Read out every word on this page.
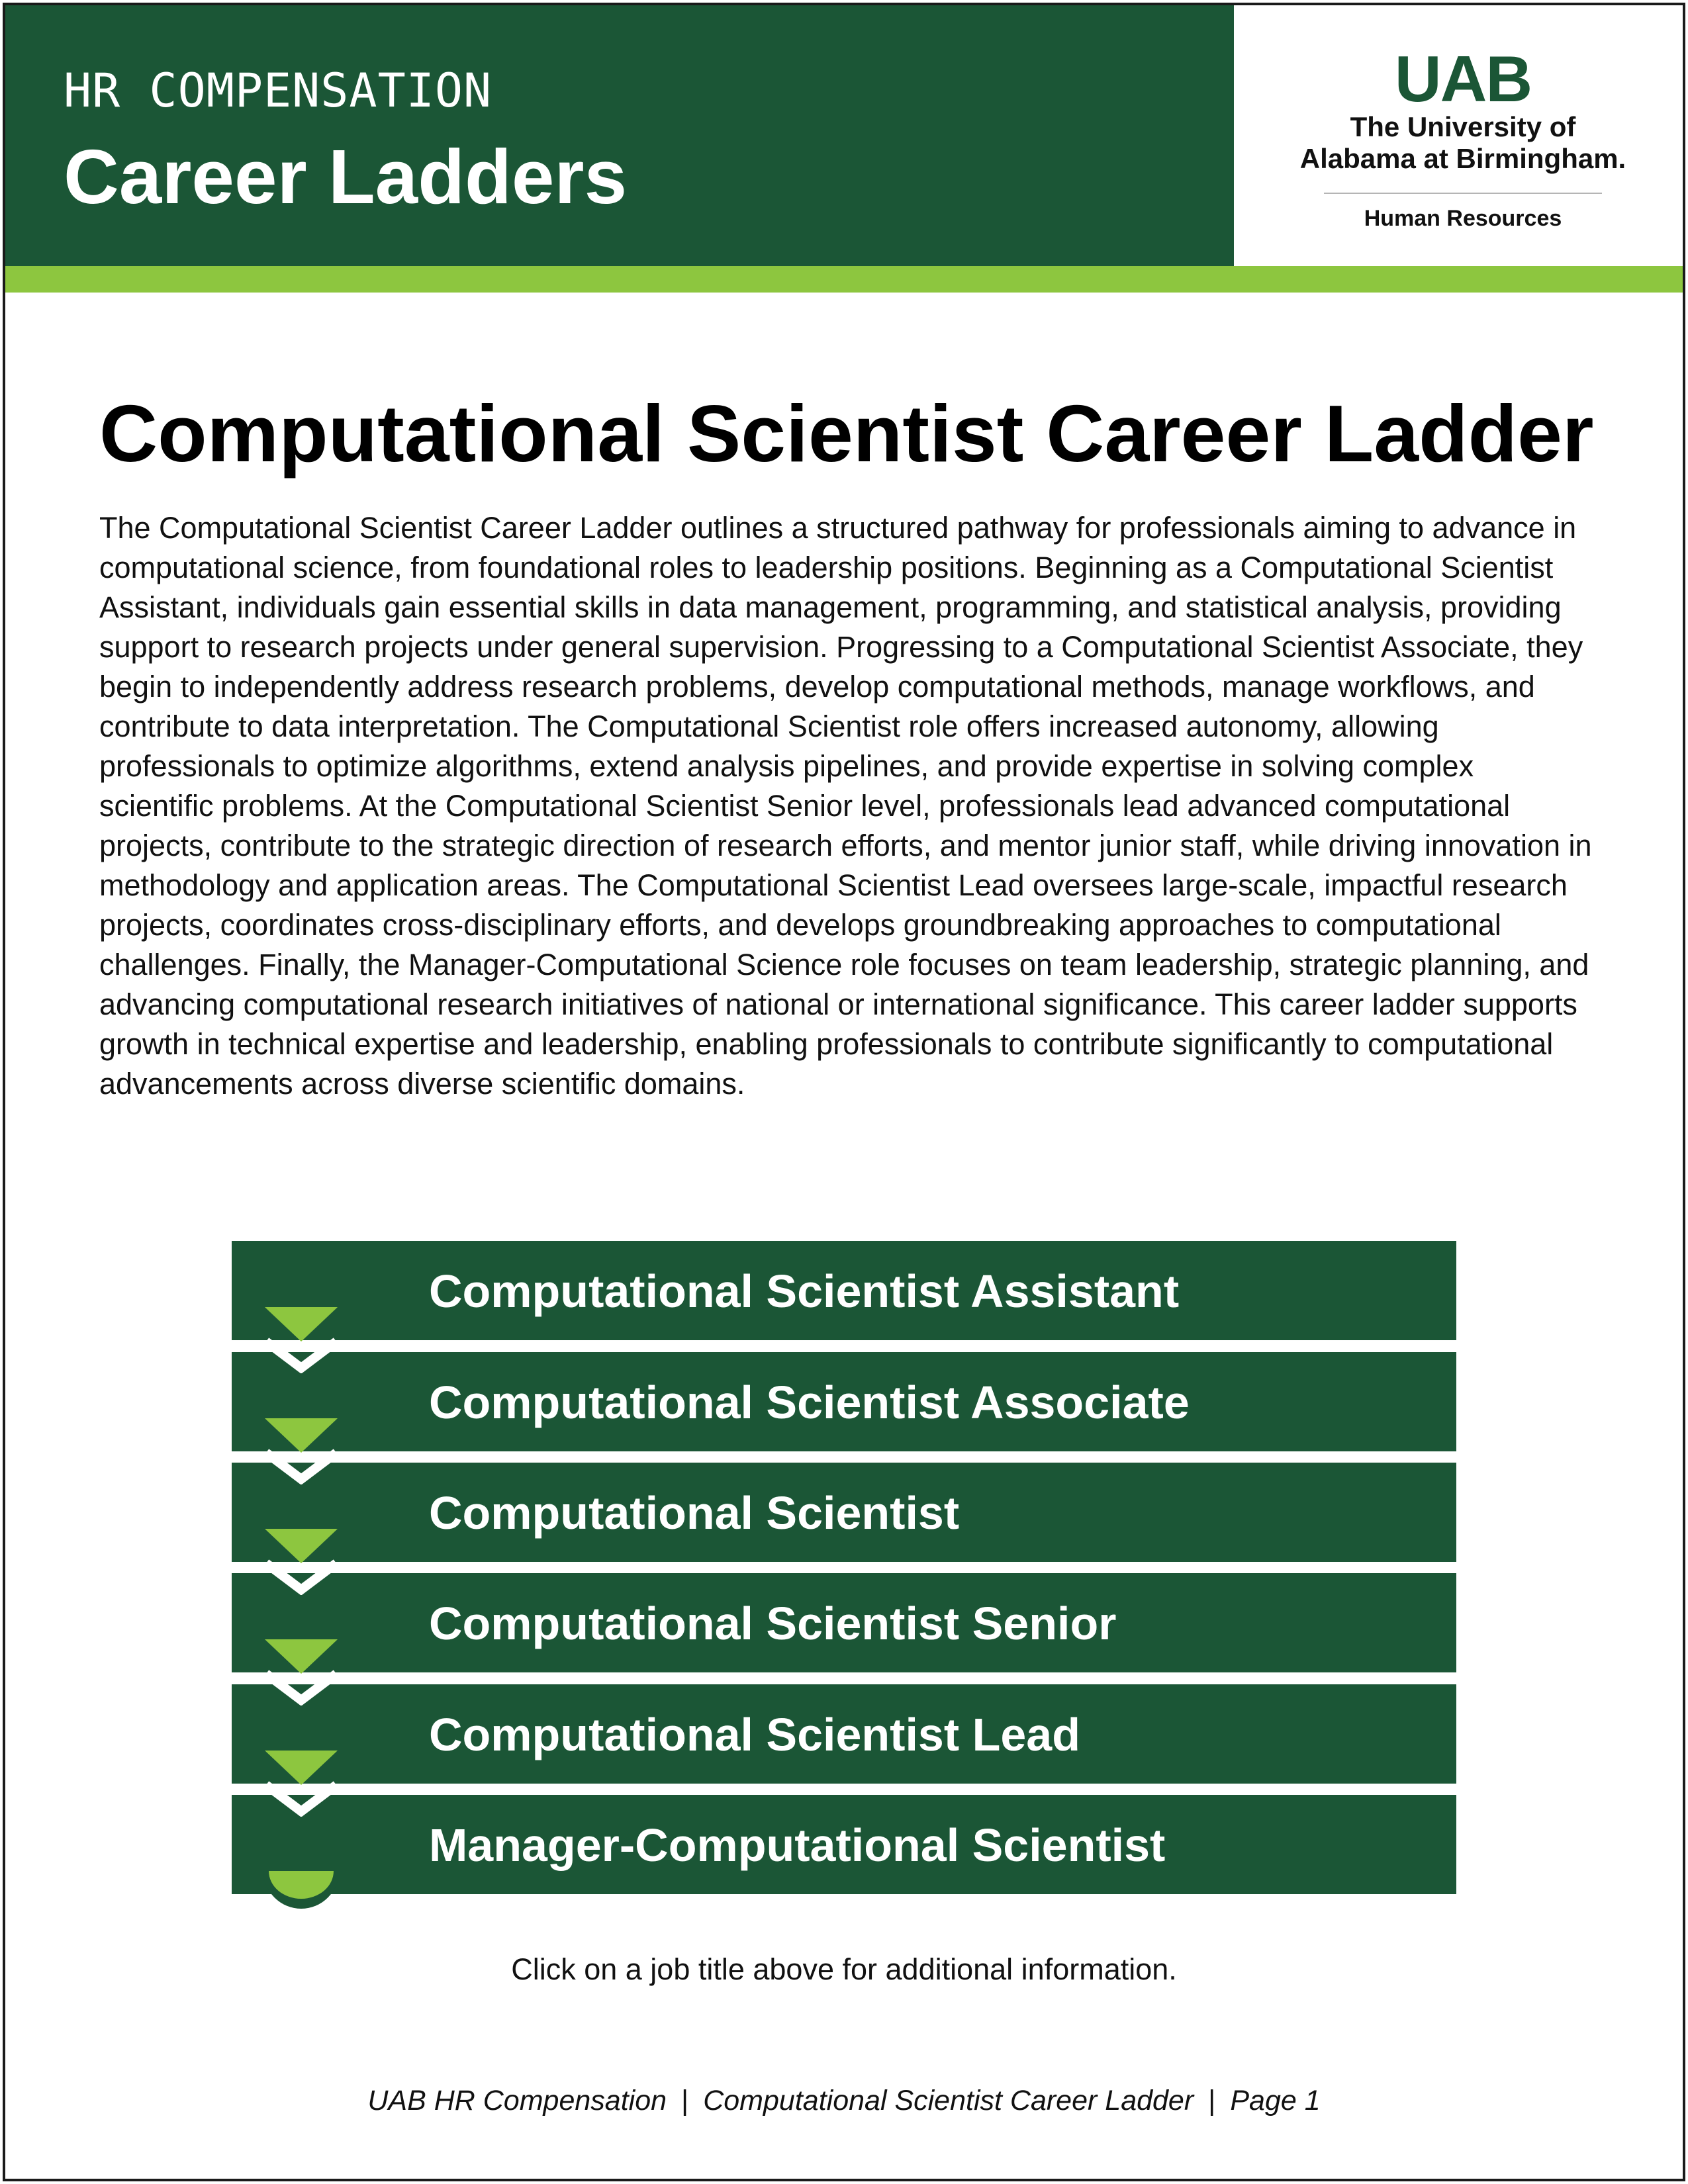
HR COMPENSATION
Career Ladders
UAB
The University of
Alabama at Birmingham.
Human Resources
Computational Scientist Career Ladder
The Computational Scientist Career Ladder outlines a structured pathway for professionals aiming to advance in computational science, from foundational roles to leadership positions. Beginning as a Computational Scientist Assistant, individuals gain essential skills in data management, programming, and statistical analysis, providing support to research projects under general supervision. Progressing to a Computational Scientist Associate, they begin to independently address research problems, develop computational methods, manage workflows, and contribute to data interpretation. The Computational Scientist role offers increased autonomy, allowing professionals to optimize algorithms, extend analysis pipelines, and provide expertise in solving complex scientific problems. At the Computational Scientist Senior level, professionals lead advanced computational projects, contribute to the strategic direction of research efforts, and mentor junior staff, while driving innovation in methodology and application areas. The Computational Scientist Lead oversees large-scale, impactful research projects, coordinates cross-disciplinary efforts, and develops groundbreaking approaches to computational challenges. Finally, the Manager-Computational Science role focuses on team leadership, strategic planning, and advancing computational research initiatives of national or international significance. This career ladder supports growth in technical expertise and leadership, enabling professionals to contribute significantly to computational advancements across diverse scientific domains.
Computational Scientist Assistant
Computational Scientist Associate
Computational Scientist
Computational Scientist Senior
Computational Scientist Lead
Manager-Computational Scientist
Click on a job title above for additional information.
UAB HR Compensation | Computational Scientist Career Ladder | Page 1
